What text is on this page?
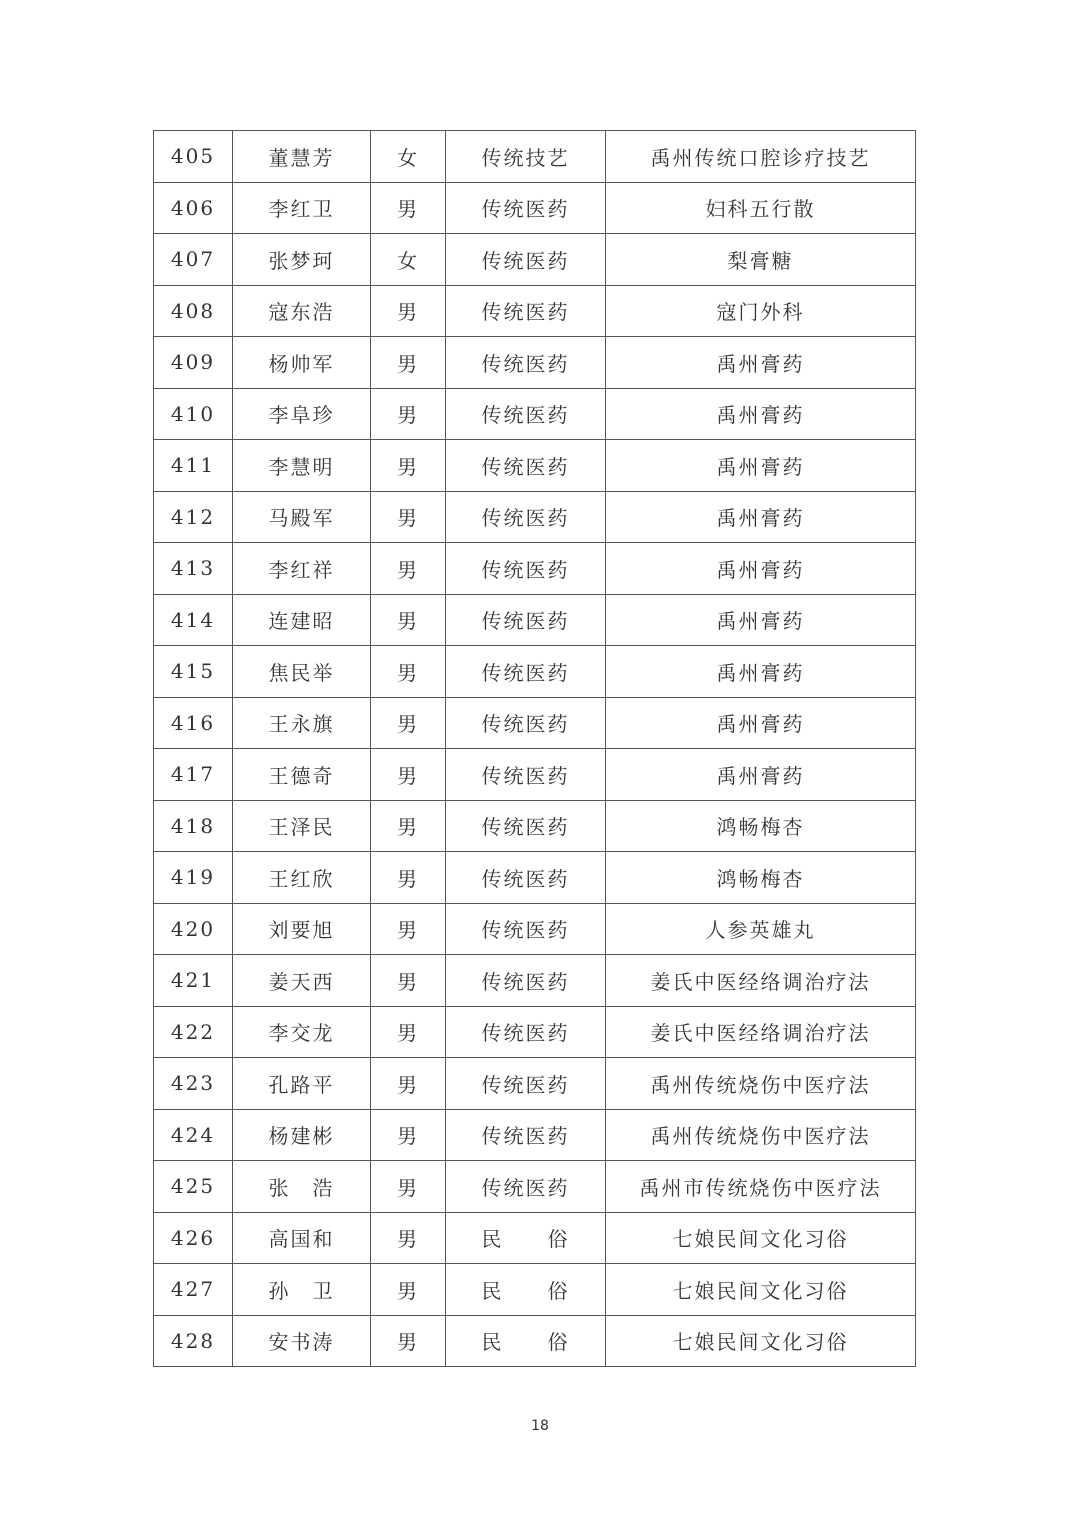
405	董慧芳	女	传统技艺	禹州传统口腔诊疗技艺
406	李红卫	男	传统医药	妇科五行散
407	张梦珂	女	传统医药	梨膏糖
408	寇东浩	男	传统医药	寇门外科
409	杨帅军	男	传统医药	禹州膏药
410	李阜珍	男	传统医药	禹州膏药
411	李慧明	男	传统医药	禹州膏药
412	马殿军	男	传统医药	禹州膏药
413	李红祥	男	传统医药	禹州膏药
414	连建昭	男	传统医药	禹州膏药
415	焦民举	男	传统医药	禹州膏药
416	王永旗	男	传统医药	禹州膏药
417	王德奇	男	传统医药	禹州膏药
418	王泽民	男	传统医药	鸿畅梅杏
419	王红欣	男	传统医药	鸿畅梅杏
420	刘要旭	男	传统医药	人参英雄丸
421	姜天西	男	传统医药	姜氏中医经络调治疗法
422	李交龙	男	传统医药	姜氏中医经络调治疗法
423	孔路平	男	传统医药	禹州传统烧伤中医疗法
424	杨建彬	男	传统医药	禹州传统烧伤中医疗法
425	张　浩	男	传统医药	禹州市传统烧伤中医疗法
426	高国和	男	民　　俗	七娘民间文化习俗
427	孙　卫	男	民　　俗	七娘民间文化习俗
428	安书涛	男	民　　俗	七娘民间文化习俗
18
